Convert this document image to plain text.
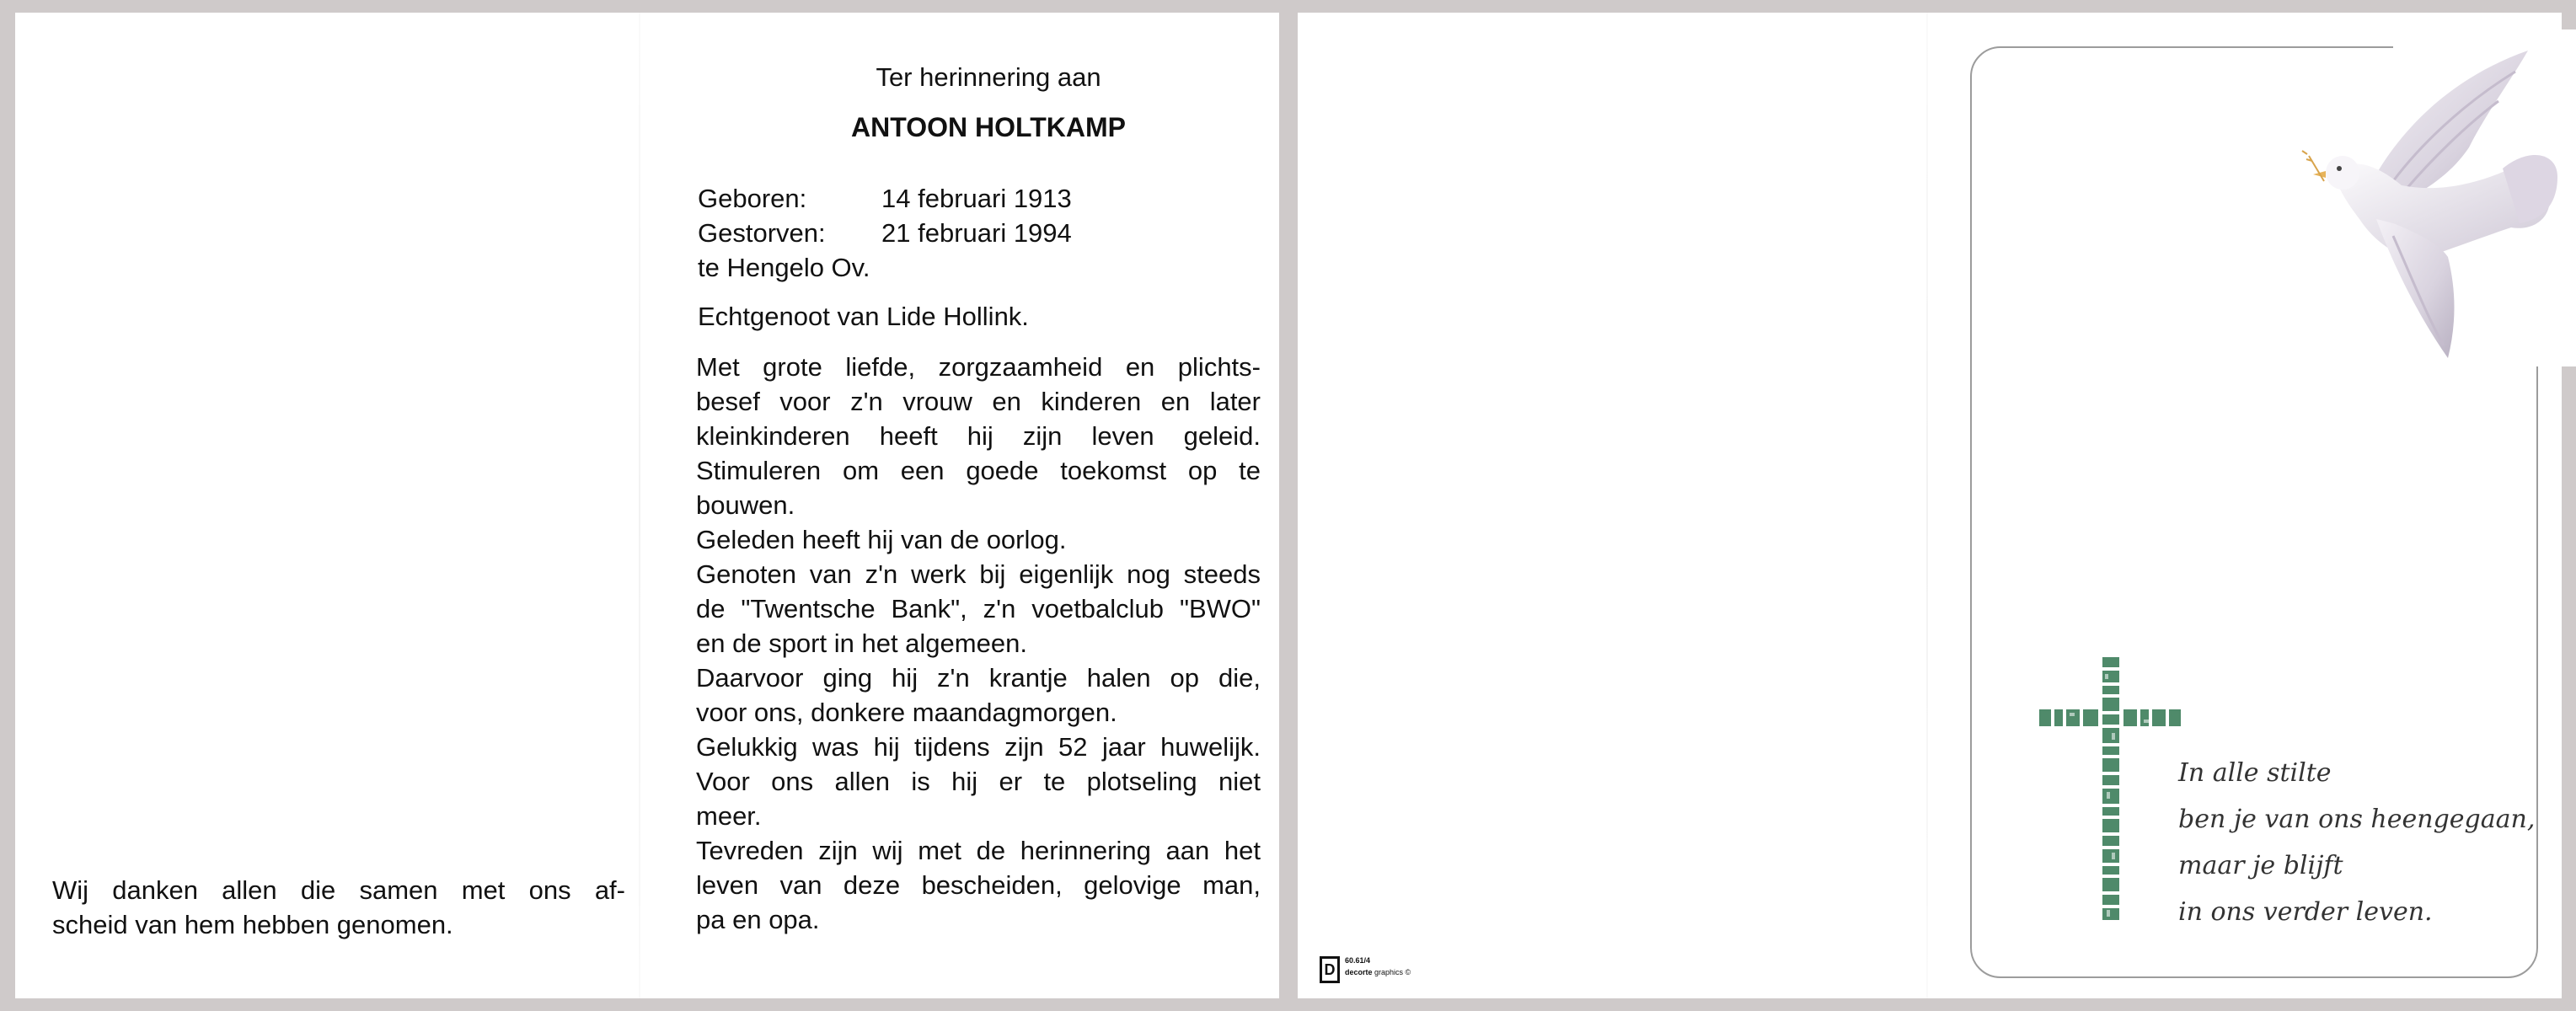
Ter herinnering aan
ANTOON HOLTKAMP
Geboren:	14 februari 1913
Gestorven: 21 februari 1994
te Hengelo Ov.
Echtgenoot van Lide Hollink.
Met grote liefde, zorgzaamheid en plichts-
besef voor z'n vrouw en kinderen en later
kleinkinderen heeft hij zijn leven geleid.
Stimuleren om een goede toekomst op te
bouwen.
Geleden heeft hij van de oorlog.
Genoten van z'n werk bij eigenlijk nog steeds
de "Twentsche Bank", z'n voetbalclub "BWO"
en de sport in het algemeen.
Daarvoor ging hij z'n krantje halen op die,
voor ons, donkere maandagmorgen.
Gelukkig was hij tijdens zijn 52 jaar huwelijk.
Voor ons allen is hij er te plotseling niet
meer.
Tevreden zijn wij met de herinnering aan het
leven van deze bescheiden, gelovige man,
pa en opa.
Wij danken allen die samen met ons af-
scheid van hem hebben genomen.
In alle stilte
ben je van ons heengegaan,
maar je blijft
in ons verder leven.
D
60.61/4
decorte graphics ©
